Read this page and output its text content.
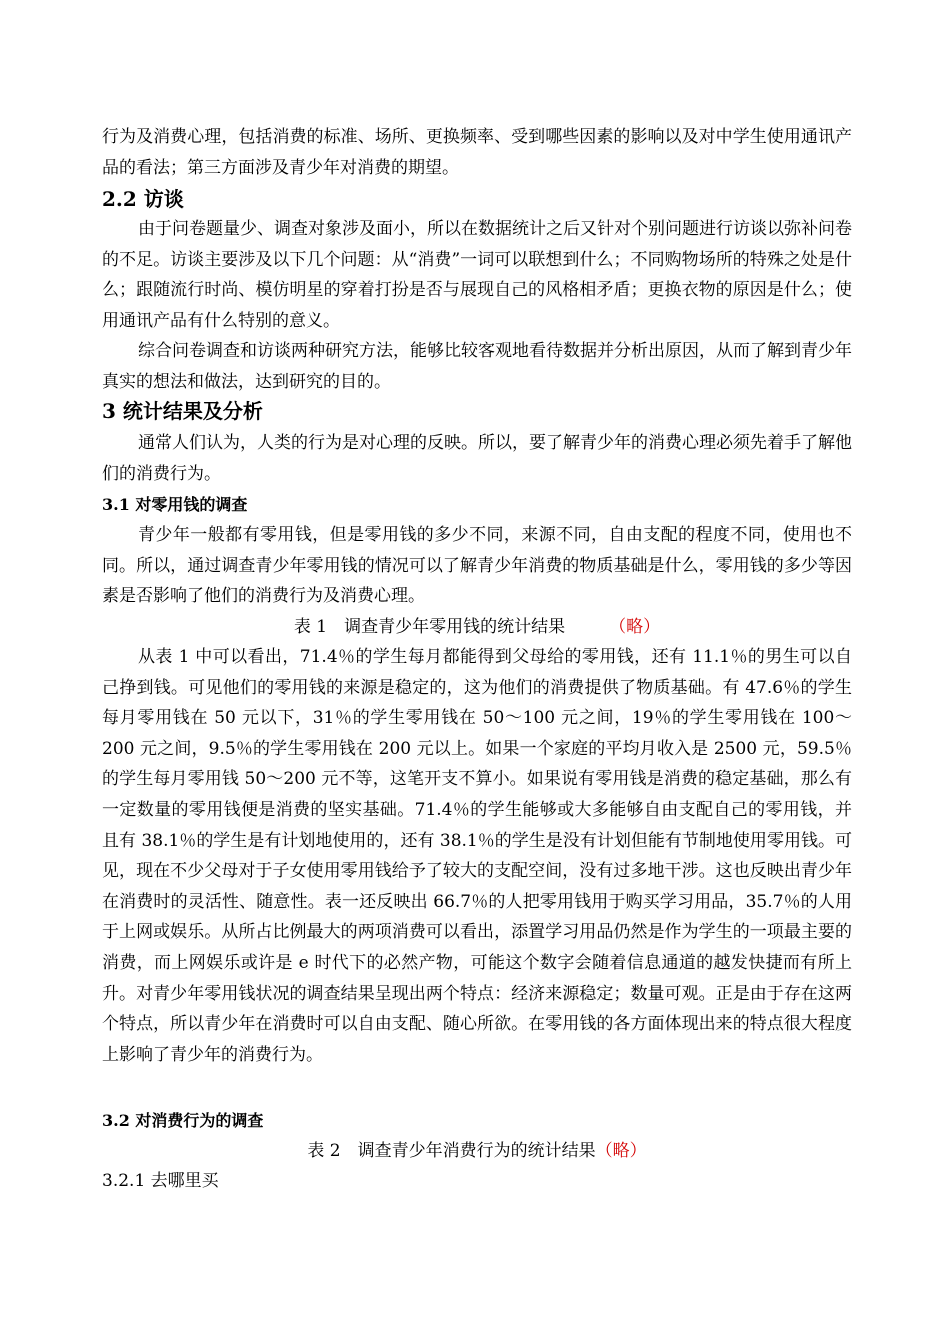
行为及消费心理，包括消费的标准、场所、更换频率、受到哪些因素的影响以及对中学生使用通讯产品的看法；第三方面涉及青少年对消费的期望。

2.2 访谈

由于问卷题量少、调查对象涉及面小，所以在数据统计之后又针对个别问题进行访谈以弥补问卷的不足。访谈主要涉及以下几个问题：从“消费”一词可以联想到什么；不同购物场所的特殊之处是什么；跟随流行时尚、模仿明星的穿着打扮是否与展现自己的风格相矛盾；更换衣物的原因是什么；使用通讯产品有什么特别的意义。

综合问卷调查和访谈两种研究方法，能够比较客观地看待数据并分析出原因，从而了解到青少年真实的想法和做法，达到研究的目的。

3 统计结果及分析

通常人们认为，人类的行为是对心理的反映。所以，要了解青少年的消费心理必须先着手了解他们的消费行为。

3.1 对零用钱的调查

青少年一般都有零用钱，但是零用钱的多少不同，来源不同，自由支配的程度不同，使用也不同。所以，通过调查青少年零用钱的情况可以了解青少年消费的物质基础是什么，零用钱的多少等因素是否影响了他们的消费行为及消费心理。

表 1　调查青少年零用钱的统计结果	（略）

从表 1 中可以看出，71.4％的学生每月都能得到父母给的零用钱，还有 11.1％的男生可以自己挣到钱。可见他们的零用钱的来源是稳定的，这为他们的消费提供了物质基础。有 47.6％的学生每月零用钱在 50 元以下，31％的学生零用钱在 50～100 元之间，19％的学生零用钱在 100～200 元之间，9.5％的学生零用钱在 200 元以上。如果一个家庭的平均月收入是 2500 元，59.5％的学生每月零用钱 50～200 元不等，这笔开支不算小。如果说有零用钱是消费的稳定基础，那么有一定数量的零用钱便是消费的坚实基础。71.4％的学生能够或大多能够自由支配自己的零用钱，并且有 38.1％的学生是有计划地使用的，还有 38.1％的学生是没有计划但能有节制地使用零用钱。可见，现在不少父母对于子女使用零用钱给予了较大的支配空间，没有过多地干涉。这也反映出青少年在消费时的灵活性、随意性。表一还反映出 66.7％的人把零用钱用于购买学习用品，35.7％的人用于上网或娱乐。从所占比例最大的两项消费可以看出，添置学习用品仍然是作为学生的一项最主要的消费，而上网娱乐或许是 e 时代下的必然产物，可能这个数字会随着信息通道的越发快捷而有所上升。对青少年零用钱状况的调查结果呈现出两个特点：经济来源稳定；数量可观。正是由于存在这两个特点，所以青少年在消费时可以自由支配、随心所欲。在零用钱的各方面体现出来的特点很大程度上影响了青少年的消费行为。

3.2 对消费行为的调查

表 2　调查青少年消费行为的统计结果（略）

3.2.1 去哪里买
